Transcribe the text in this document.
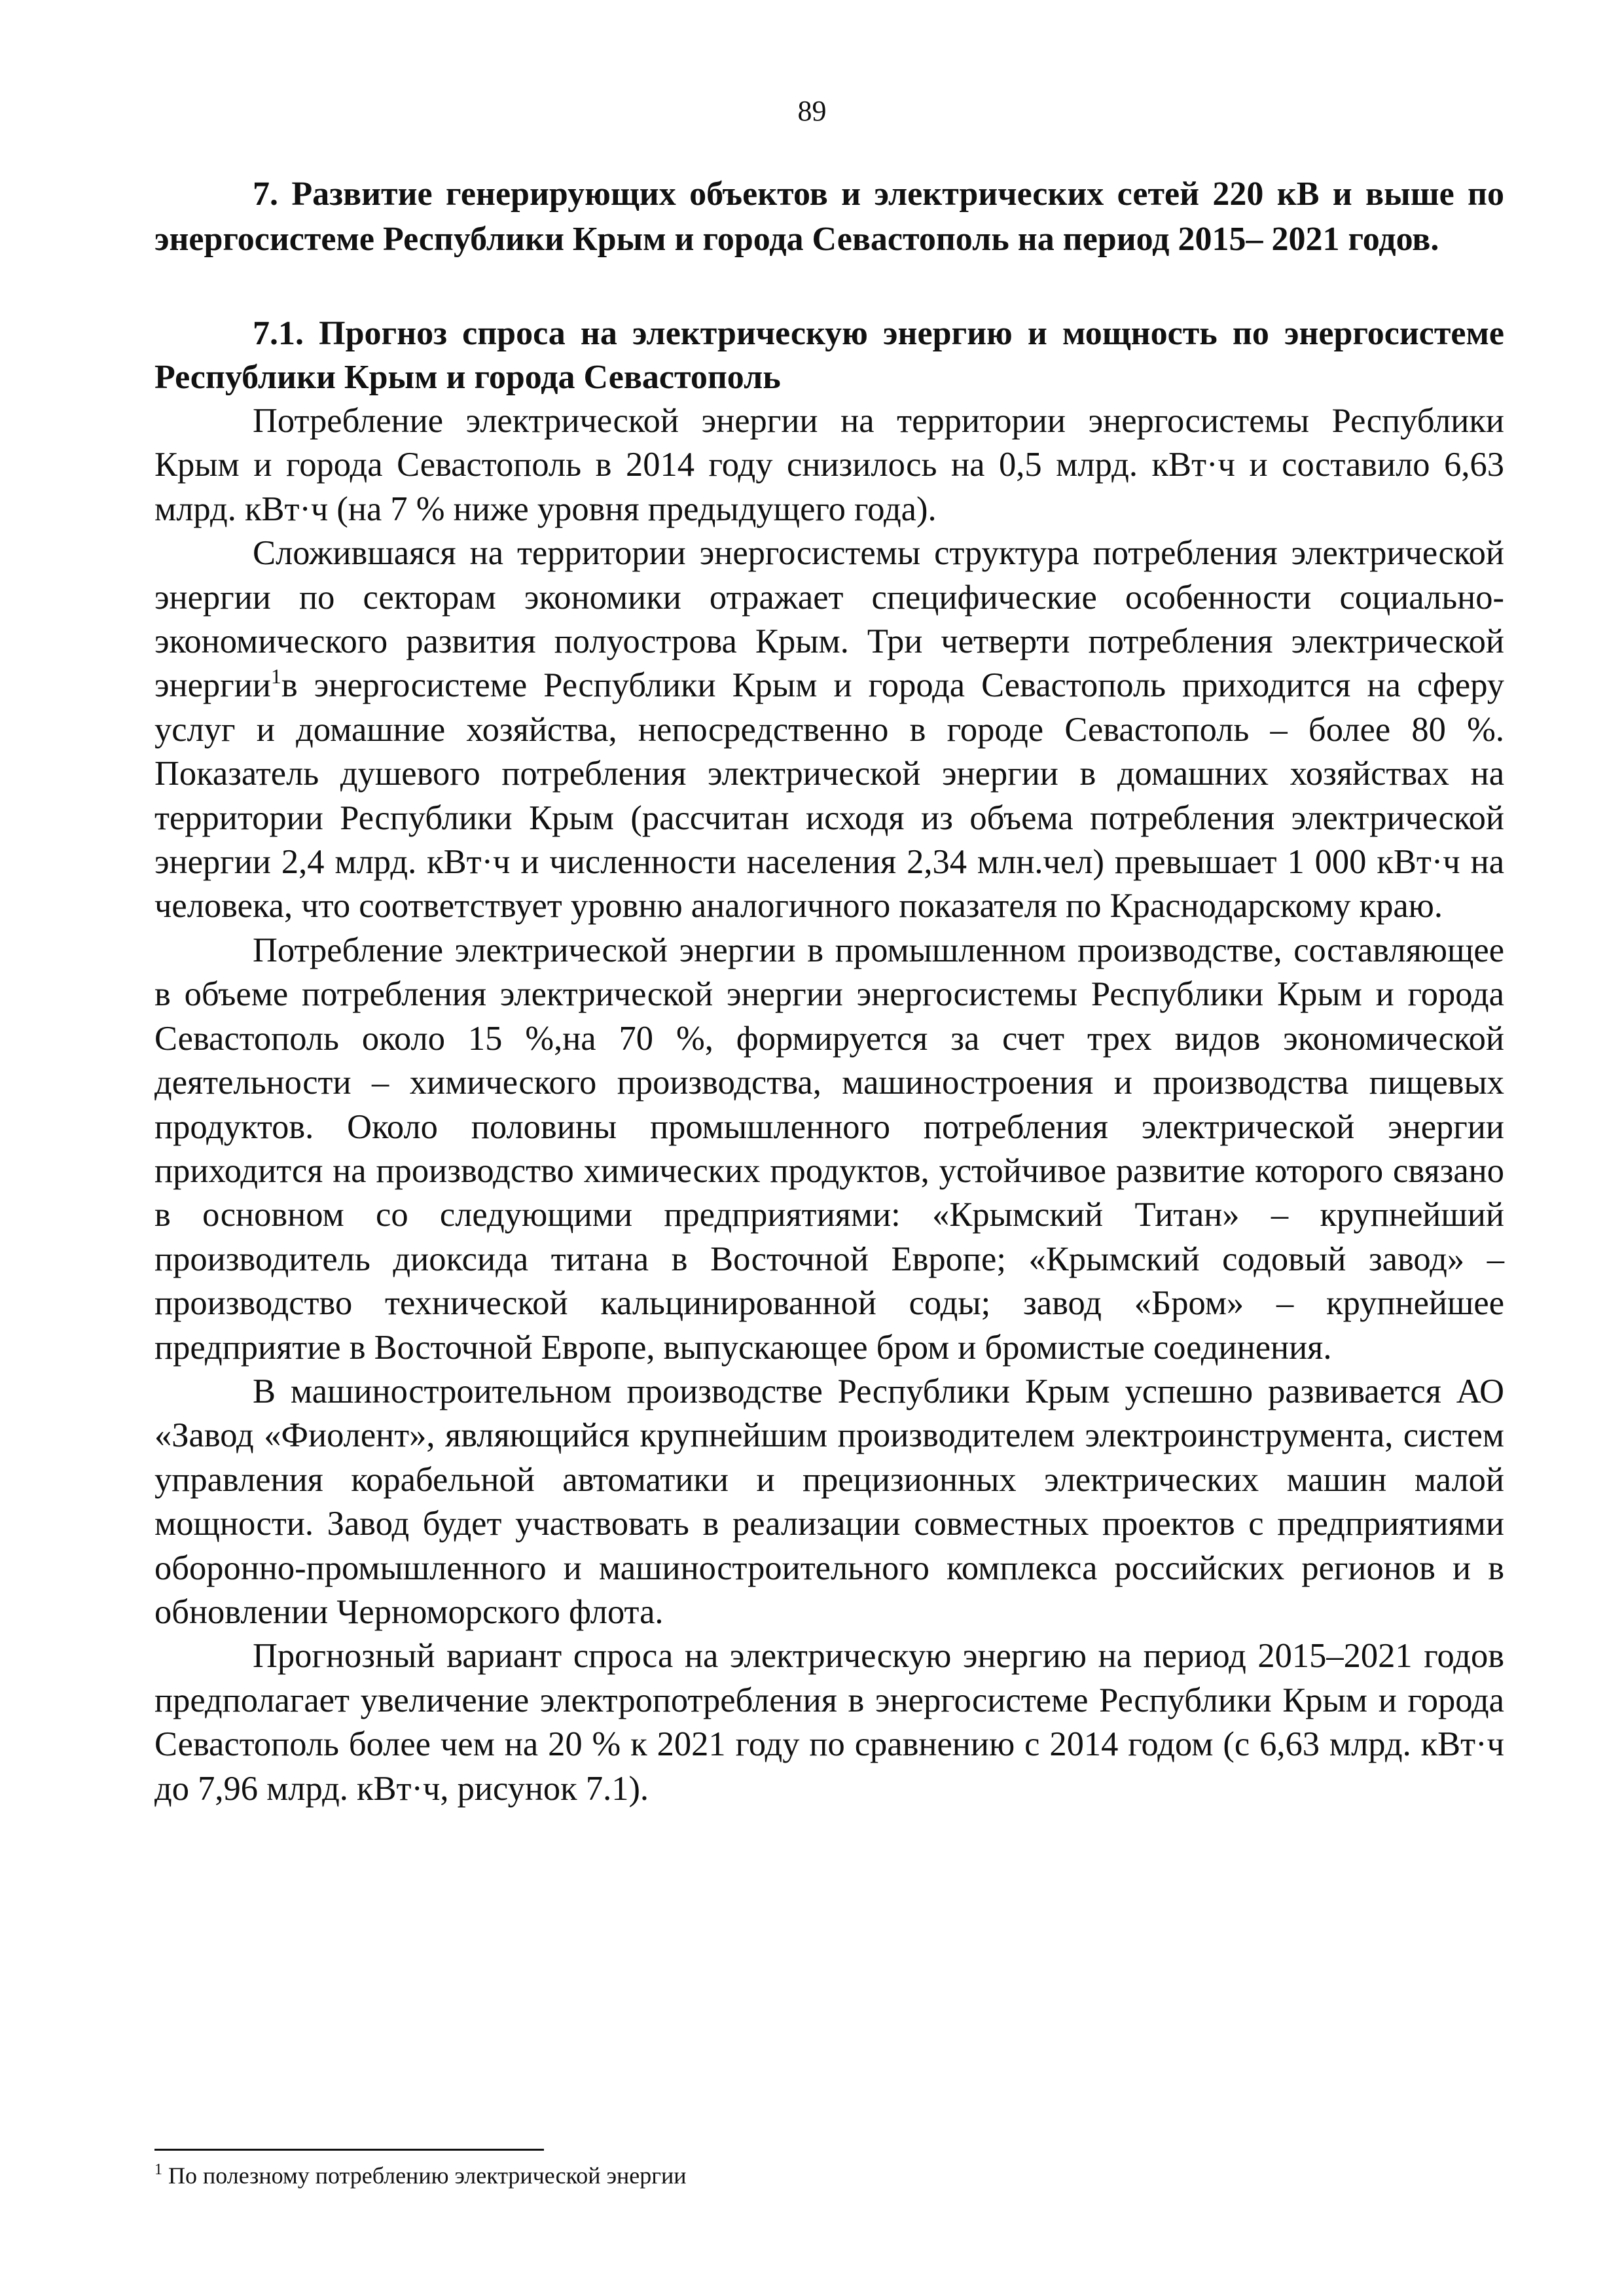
89

7. Развитие генерирующих объектов и электрических сетей 220 кВ и выше по энергосистеме Республики Крым и города Севастополь на период 2015– 2021 годов.

7.1. Прогноз спроса на электрическую энергию и мощность по энергосистеме Республики Крым и города Севастополь

Потребление электрической энергии на территории энергосистемы Республики Крым и города Севастополь в 2014 году снизилось на 0,5 млрд. кВт·ч и составило 6,63 млрд. кВт·ч (на 7 % ниже уровня предыдущего года).

Сложившаяся на территории энергосистемы структура потребления электрической энергии по секторам экономики отражает специфические особенности социально-экономического развития полуострова Крым. Три четверти потребления электрической энергии$^1$в энергосистеме Республики Крым и города Севастополь приходится на сферу услуг и домашние хозяйства, непосредственно в городе Севастополь – более 80 %. Показатель душевого потребления электрической энергии в домашних хозяйствах на территории Республики Крым (рассчитан исходя из объема потребления электрической энергии 2,4 млрд. кВт·ч и численности населения 2,34 млн.чел) превышает 1 000 кВт·ч на человека, что соответствует уровню аналогичного показателя по Краснодарскому краю.

Потребление электрической энергии в промышленном производстве, составляющее в объеме потребления электрической энергии энергосистемы Республики Крым и города Севастополь около 15 %,на 70 %, формируется за счет трех видов экономической деятельности – химического производства, машиностроения и производства пищевых продуктов. Около половины промышленного потребления электрической энергии приходится на производство химических продуктов, устойчивое развитие которого связано в основном со следующими предприятиями: «Крымский Титан» – крупнейший производитель диоксида титана в Восточной Европе; «Крымский содовый завод» – производство технической кальцинированной соды; завод «Бром» – крупнейшее предприятие в Восточной Европе, выпускающее бром и бромистые соединения.

В машиностроительном производстве Республики Крым успешно развивается АО «Завод «Фиолент», являющийся крупнейшим производителем электроинструмента, систем управления корабельной автоматики и прецизионных электрических машин малой мощности. Завод будет участвовать в реализации совместных проектов с предприятиями оборонно-промышленного и машиностроительного комплекса российских регионов и в обновлении Черноморского флота.

Прогнозный вариант спроса на электрическую энергию на период 2015–2021 годов предполагает увеличение электропотребления в энергосистеме Республики Крым и города Севастополь более чем на 20 % к 2021 году по сравнению с 2014 годом (с 6,63 млрд. кВт·ч до 7,96 млрд. кВт·ч, рисунок 7.1).

$^1$ По полезному потреблению электрической энергии
